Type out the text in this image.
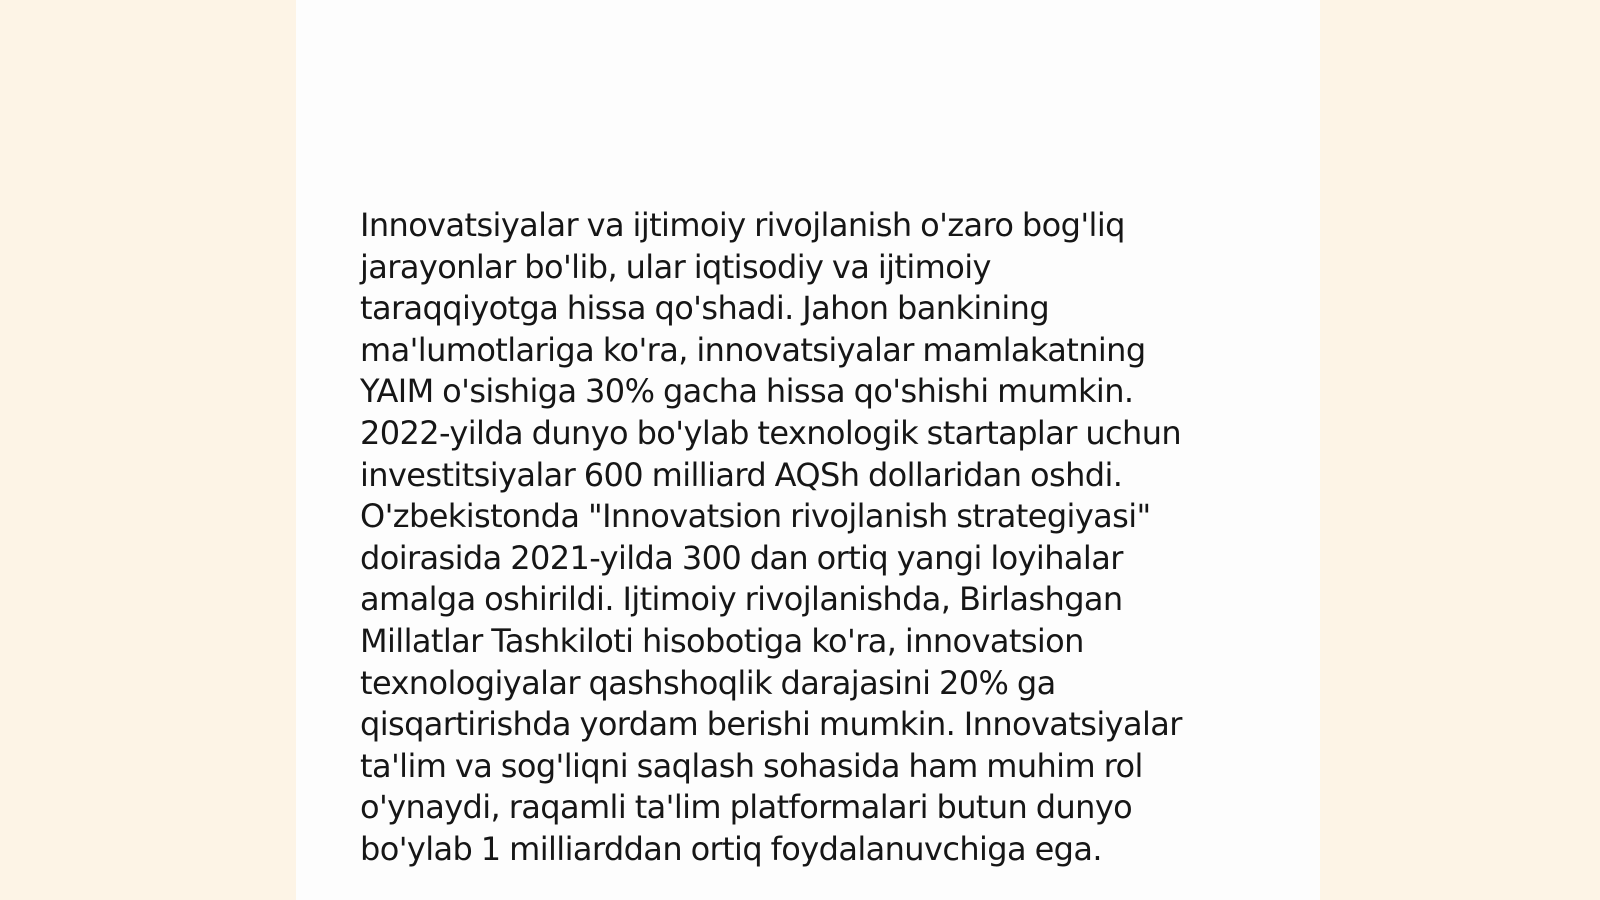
Innovatsiyalar va ijtimoiy rivojlanish o'zaro bog'liq
jarayonlar bo'lib, ular iqtisodiy va ijtimoiy
taraqqiyotga hissa qo'shadi. Jahon bankining
ma'lumotlariga ko'ra, innovatsiyalar mamlakatning
YAIM o'sishiga 30% gacha hissa qo'shishi mumkin.
2022-yilda dunyo bo'ylab texnologik startaplar uchun
investitsiyalar 600 milliard AQSh dollaridan oshdi.
O'zbekistonda "Innovatsion rivojlanish strategiyasi"
doirasida 2021-yilda 300 dan ortiq yangi loyihalar
amalga oshirildi. Ijtimoiy rivojlanishda, Birlashgan
Millatlar Tashkiloti hisobotiga ko'ra, innovatsion
texnologiyalar qashshoqlik darajasini 20% ga
qisqartirishda yordam berishi mumkin. Innovatsiyalar
ta'lim va sog'liqni saqlash sohasida ham muhim rol
o'ynaydi, raqamli ta'lim platformalari butun dunyo
bo'ylab 1 milliarddan ortiq foydalanuvchiga ega.
